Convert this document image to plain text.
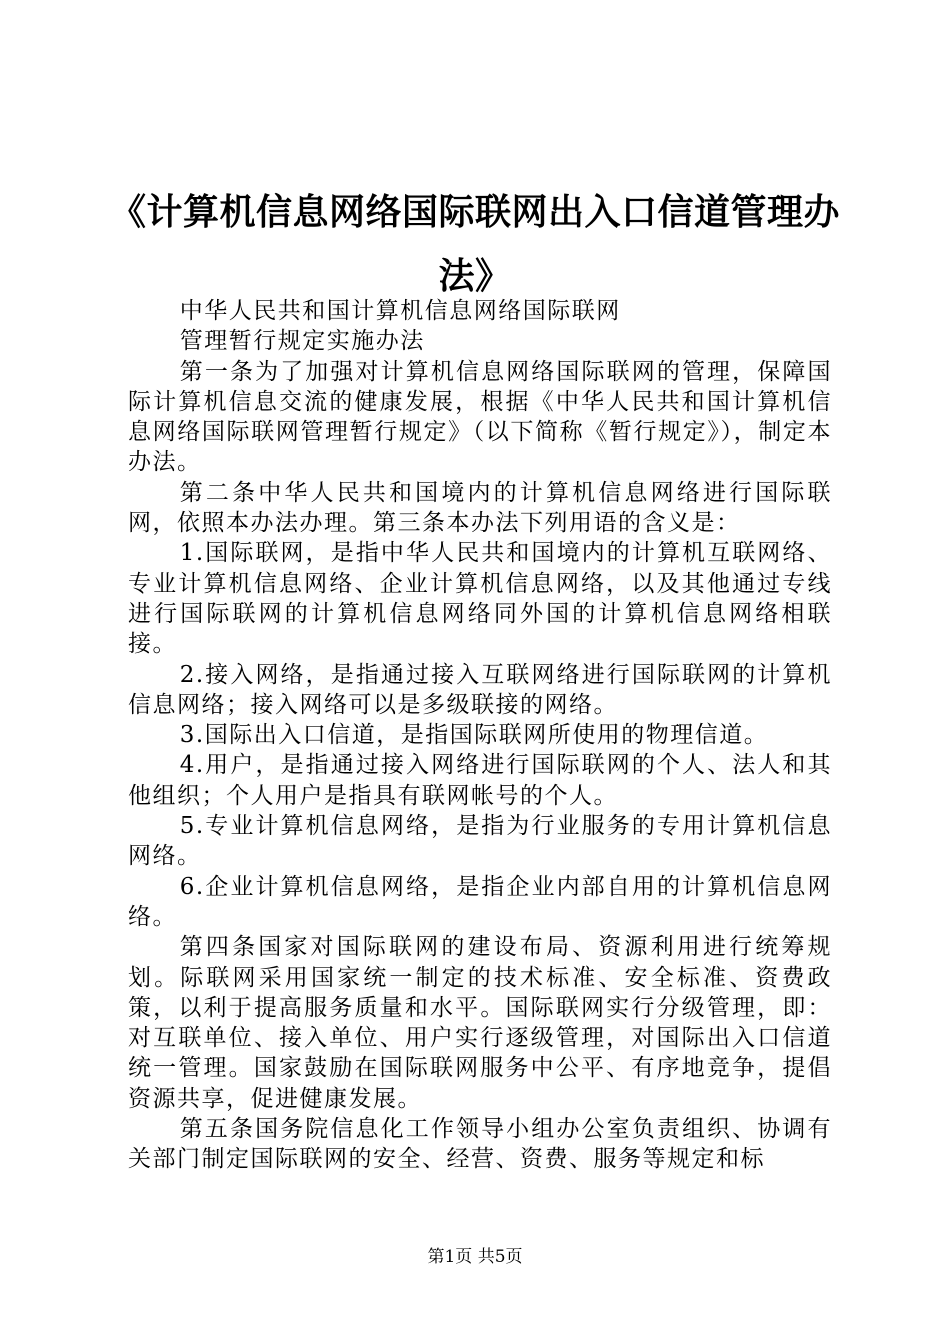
《计算机信息网络国际联网出入口信道管理办
法》

中华人民共和国计算机信息网络国际联网

管理暂行规定实施办法

第一条为了加强对计算机信息网络国际联网的管理，保障国际计算机信息交流的健康发展，根据《中华人民共和国计算机信息网络国际联网管理暂行规定》（以下简称《暂行规定》），制定本办法。

第二条中华人民共和国境内的计算机信息网络进行国际联网，依照本办法办理。第三条本办法下列用语的含义是：

1.国际联网，是指中华人民共和国境内的计算机互联网络、专业计算机信息网络、企业计算机信息网络，以及其他通过专线进行国际联网的计算机信息网络同外国的计算机信息网络相联接。

2.接入网络，是指通过接入互联网络进行国际联网的计算机信息网络；接入网络可以是多级联接的网络。

3.国际出入口信道，是指国际联网所使用的物理信道。

4.用户，是指通过接入网络进行国际联网的个人、法人和其他组织；个人用户是指具有联网帐号的个人。

5.专业计算机信息网络，是指为行业服务的专用计算机信息网络。

6.企业计算机信息网络，是指企业内部自用的计算机信息网络。

第四条国家对国际联网的建设布局、资源利用进行统筹规划。际联网采用国家统一制定的技术标准、安全标准、资费政策，以利于提高服务质量和水平。国际联网实行分级管理，即：对互联单位、接入单位、用户实行逐级管理，对国际出入口信道统一管理。国家鼓励在国际联网服务中公平、有序地竞争，提倡资源共享，促进健康发展。

第五条国务院信息化工作领导小组办公室负责组织、协调有关部门制定国际联网的安全、经营、资费、服务等规定和标

第1页 共5页
